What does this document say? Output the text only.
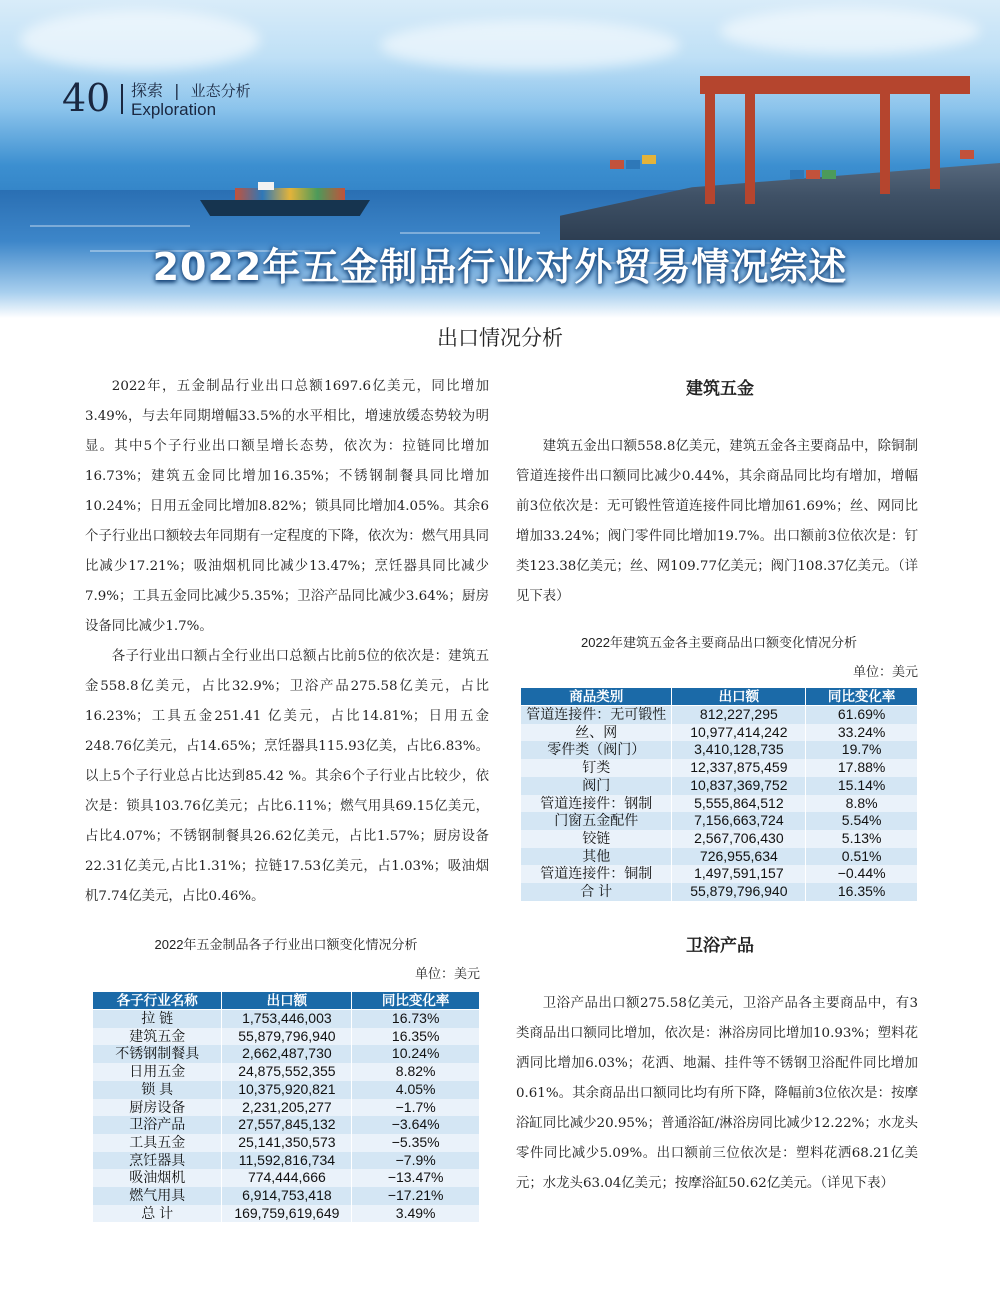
40 探索 | 业态分析
Exploration
2022年五金制品行业对外贸易情况综述
出口情况分析

2022年，五金制品行业出口总额1697.6亿美元，同比增加3.49%，与去年同期增幅33.5%的水平相比，增速放缓态势较为明显。其中5个子行业出口额呈增长态势，依次为：拉链同比增加16.73%；建筑五金同比增加16.35%；不锈钢制餐具同比增加10.24%；日用五金同比增加8.82%；锁具同比增加4.05%。其余6个子行业出口额较去年同期有一定程度的下降，依次为：燃气用具同比减少17.21%；吸油烟机同比减少13.47%；烹饪器具同比减少7.9%；工具五金同比减少5.35%；卫浴产品同比减少3.64%；厨房设备同比减少1.7%。

各子行业出口额占全行业出口总额占比前5位的依次是：建筑五金558.8亿美元，占比32.9%；卫浴产品275.58亿美元，占比16.23%；工具五金251.41 亿美元，占比14.81%；日用五金248.76亿美元，占14.65%；烹饪器具115.93亿美，占比6.83%。以上5个子行业总占比达到85.42 %。其余6个子行业占比较少，依次是：锁具103.76亿美元；占比6.11%；燃气用具69.15亿美元，占比4.07%；不锈钢制餐具26.62亿美元，占比1.57%；厨房设备22.31亿美元,占比1.31%；拉链17.53亿美元，占1.03%；吸油烟机7.74亿美元，占比0.46%。

2022年五金制品各子行业出口额变化情况分析
单位：美元
各子行业名称	出口额	同比变化率
拉 链	1,753,446,003	16.73%
建筑五金	55,879,796,940	16.35%
不锈钢制餐具	2,662,487,730	10.24%
日用五金	24,875,552,355	8.82%
锁 具	10,375,920,821	4.05%
厨房设备	2,231,205,277	−1.7%
卫浴产品	27,557,845,132	−3.64%
工具五金	25,141,350,573	−5.35%
烹饪器具	11,592,816,734	−7.9%
吸油烟机	774,444,666	−13.47%
燃气用具	6,914,753,418	−17.21%
总 计	169,759,619,649	3.49%
建筑五金

建筑五金出口额558.8亿美元，建筑五金各主要商品中，除铜制管道连接件出口额同比减少0.44%，其余商品同比均有增加，增幅前3位依次是：无可锻性管道连接件同比增加61.69%；丝、网同比增加33.24%；阀门零件同比增加19.7%。出口额前3位依次是：钉类123.38亿美元；丝、网109.77亿美元；阀门108.37亿美元。（详见下表）

2022年建筑五金各主要商品出口额变化情况分析
单位：美元
商品类别	出口额	同比变化率
管道连接件：无可锻性	812,227,295	61.69%
丝、网	10,977,414,242	33.24%
零件类（阀门）	3,410,128,735	19.7%
钉类	12,337,875,459	17.88%
阀门	10,837,369,752	15.14%
管道连接件：钢制	5,555,864,512	8.8%
门窗五金配件	7,156,663,724	5.54%
铰链	2,567,706,430	5.13%
其他	726,955,634	0.51%
管道连接件：铜制	1,497,591,157	−0.44%
合 计	55,879,796,940	16.35%
卫浴产品

卫浴产品出口额275.58亿美元，卫浴产品各主要商品中，有3类商品出口额同比增加，依次是：淋浴房同比增加10.93%；塑料花洒同比增加6.03%；花洒、地漏、挂件等不锈钢卫浴配件同比增加0.61%。其余商品出口额同比均有所下降，降幅前3位依次是：按摩浴缸同比减少20.95%；普通浴缸/淋浴房同比减少12.22%；水龙头零件同比减少5.09%。出口额前三位依次是：塑料花洒68.21亿美元；水龙头63.04亿美元；按摩浴缸50.62亿美元。（详见下表）
